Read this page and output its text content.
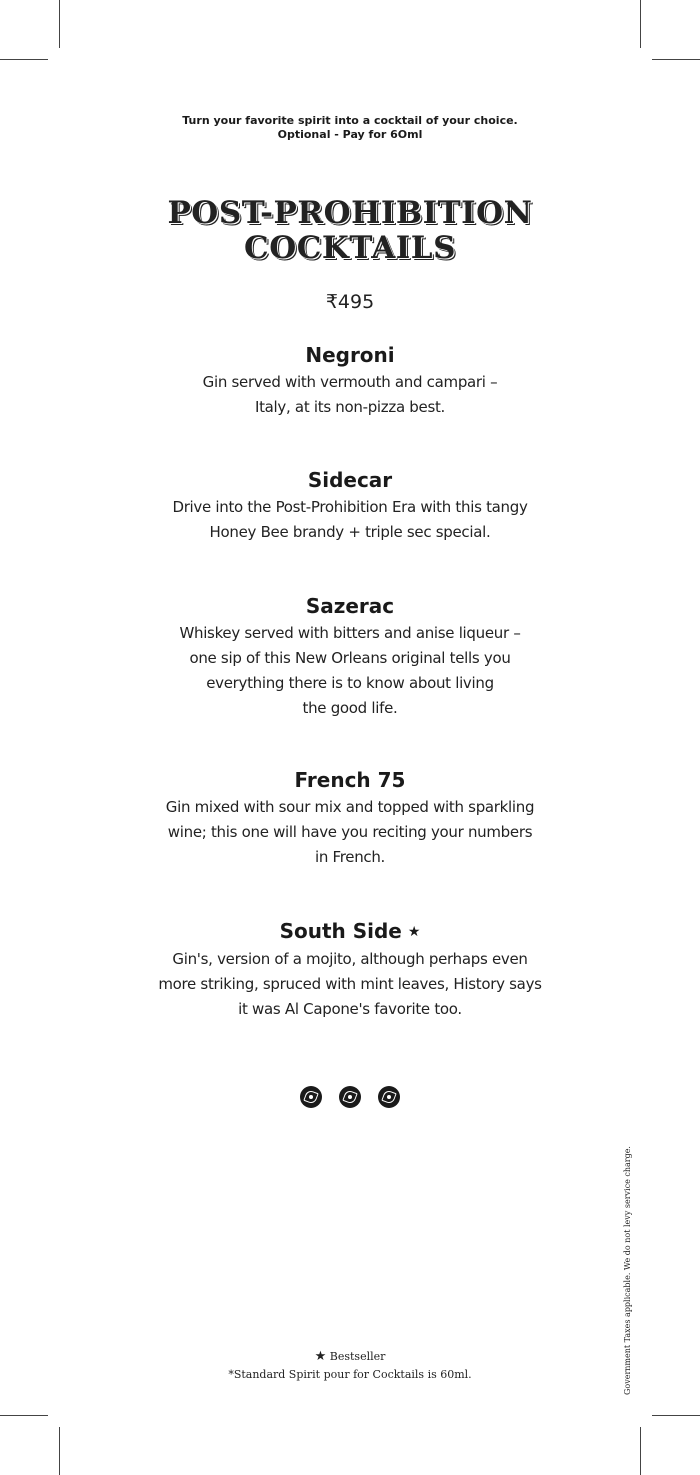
Turn your favorite spirit into a cocktail of your choice.
Optional - Pay for 6Oml
POST-PROHIBITION
COCKTAILS
₹495
Negroni
Gin served with vermouth and campari –
Italy, at its non-pizza best.
Sidecar
Drive into the Post-Prohibition Era with this tangy
Honey Bee brandy + triple sec special.
Sazerac
Whiskey served with bitters and anise liqueur –
one sip of this New Orleans original tells you
everything there is to know about living
the good life.
French 75
Gin mixed with sour mix and topped with sparkling
wine; this one will have you reciting your numbers
in French.
South Side ★
Gin's, version of a mojito, although perhaps even
more striking, spruced with mint leaves, History says
it was Al Capone's favorite too.

★ Bestseller
*Standard Spirit pour for Cocktails is 60ml.	Government Taxes applicable. We do not levy service charge.
